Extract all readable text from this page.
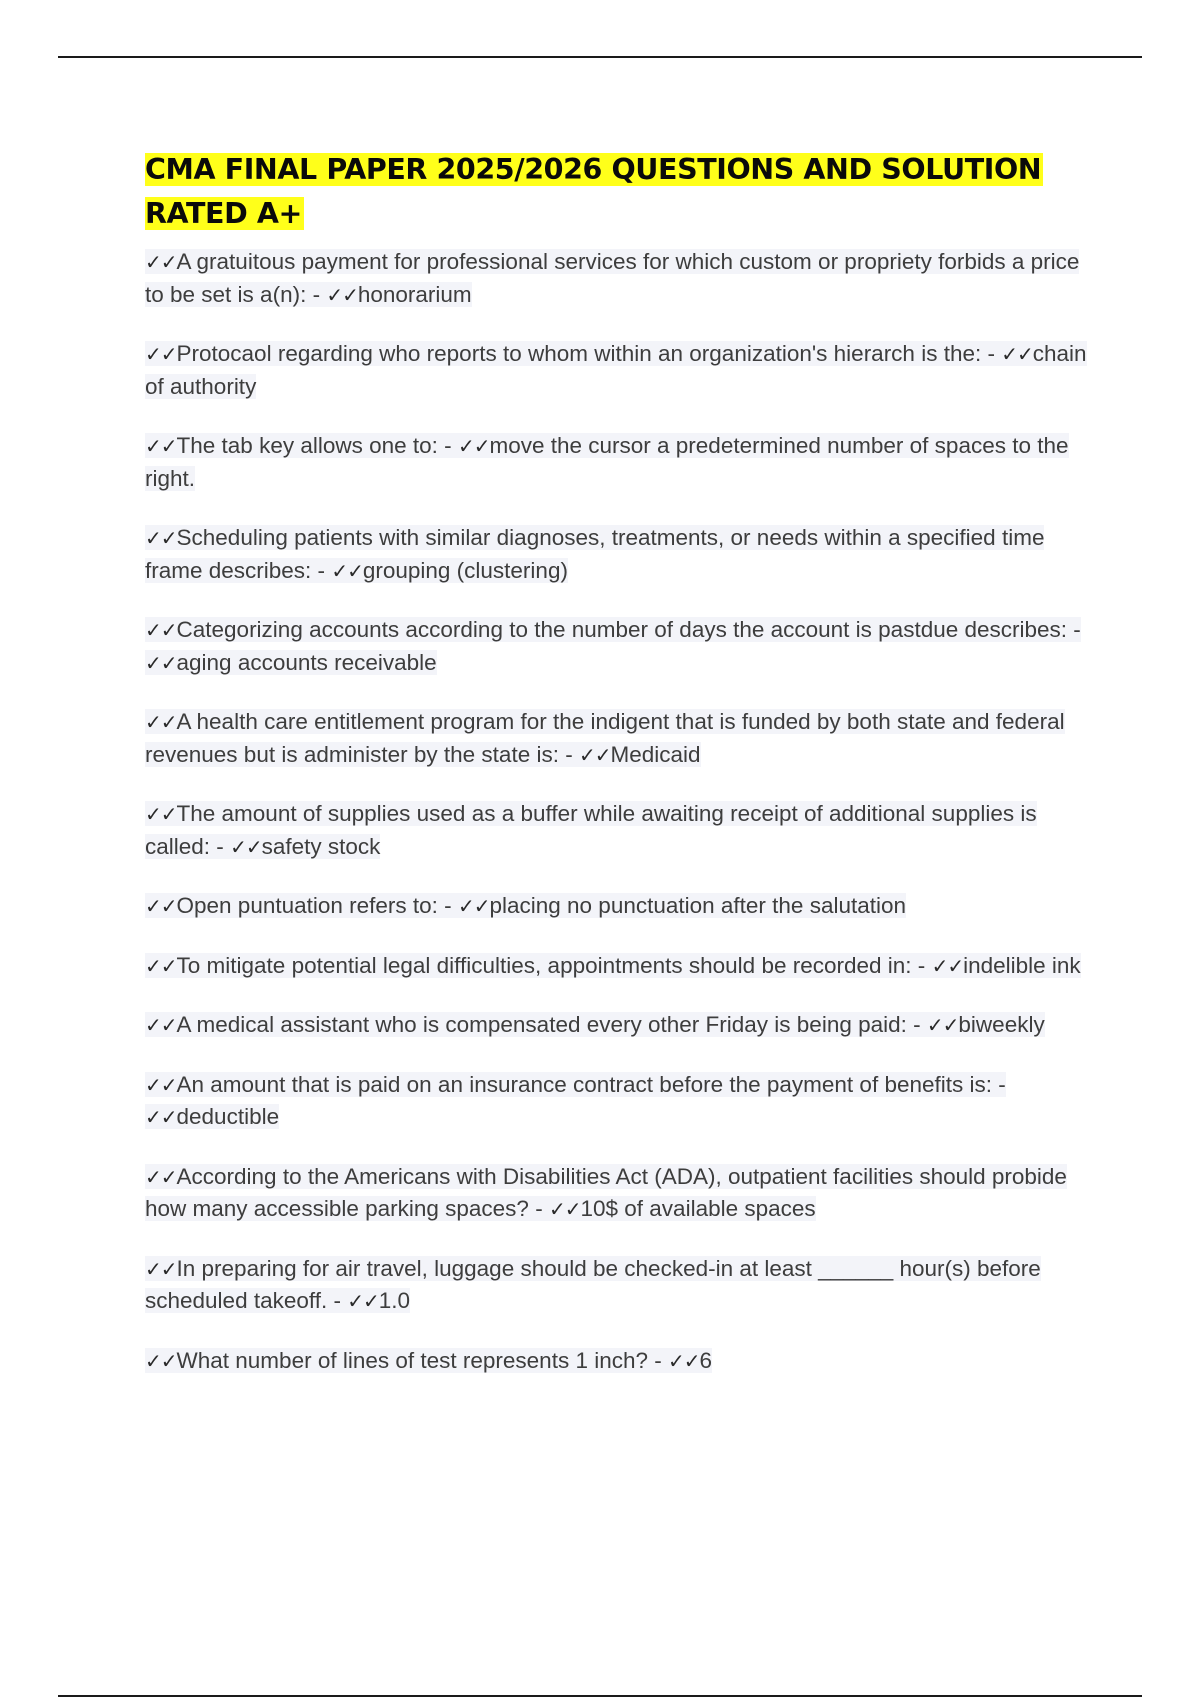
CMA FINAL PAPER 2025/2026 QUESTIONS AND SOLUTION
RATED A+
✓✓A gratuitous payment for professional services for which custom or propriety forbids a price to be set is a(n): - ✓✓honorarium
✓✓Protocaol regarding who reports to whom within an organization's hierarch is the: - ✓✓chain of authority
✓✓The tab key allows one to: - ✓✓move the cursor a predetermined number of spaces to the right.
✓✓Scheduling patients with similar diagnoses, treatments, or needs within a specified time frame describes: - ✓✓grouping (clustering)
✓✓Categorizing accounts according to the number of days the account is pastdue describes: - ✓✓aging accounts receivable
✓✓A health care entitlement program for the indigent that is funded by both state and federal revenues but is administer by the state is: - ✓✓Medicaid
✓✓The amount of supplies used as a buffer while awaiting receipt of additional supplies is called: - ✓✓safety stock
✓✓Open puntuation refers to: - ✓✓placing no punctuation after the salutation
✓✓To mitigate potential legal difficulties, appointments should be recorded in: - ✓✓indelible ink
✓✓A medical assistant who is compensated every other Friday is being paid: - ✓✓biweekly
✓✓An amount that is paid on an insurance contract before the payment of benefits is: - ✓✓deductible
✓✓According to the Americans with Disabilities Act (ADA), outpatient facilities should probide how many accessible parking spaces? - ✓✓10$ of available spaces
✓✓In preparing for air travel, luggage should be checked-in at least ______ hour(s) before scheduled takeoff. - ✓✓1.0
✓✓What number of lines of test represents 1 inch? - ✓✓6
